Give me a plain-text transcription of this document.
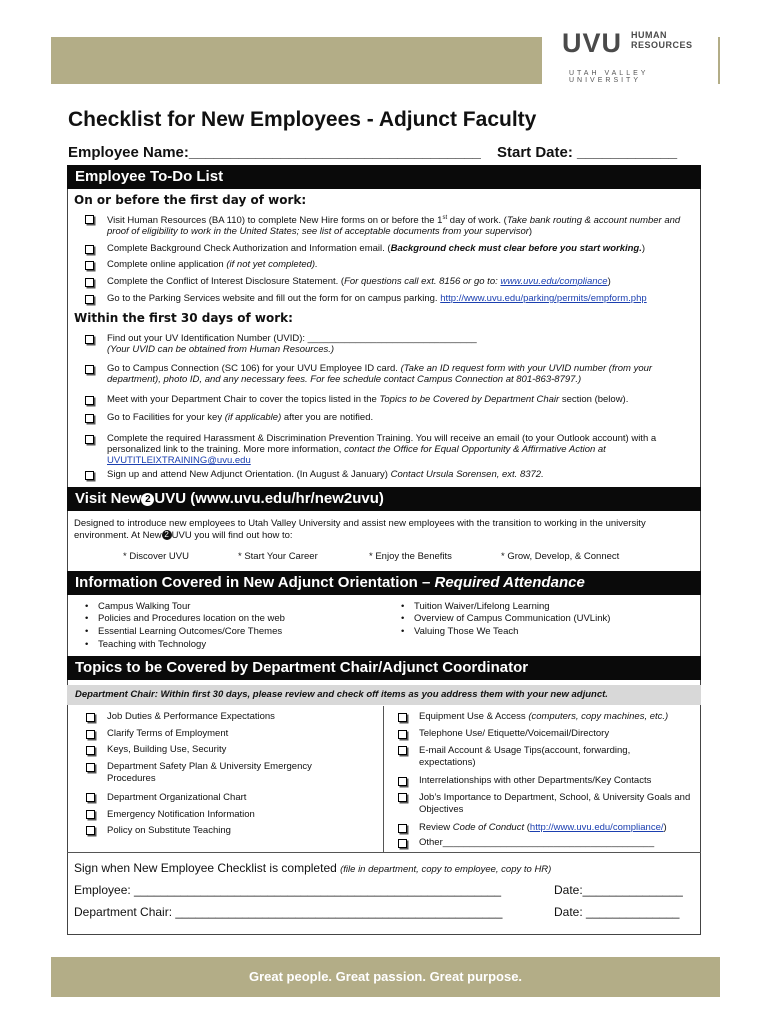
UVU HUMAN
RESOURCES
UTAH VALLEY UNIVERSITY
Checklist for New Employees - Adjunct Faculty
Employee Name:___________________________________ Start Date: ____________
Employee To-Do List
On or before the first day of work:
Visit Human Resources (BA 110) to complete New Hire forms on or before the 1st day of work. (Take bank routing & account number and proof of eligibility to work in the United States; see list of acceptable documents from your supervisor)
Complete Background Check Authorization and Information email. (Background check must clear before you start working.)
Complete online application (if not yet completed).
Complete the Conflict of Interest Disclosure Statement. (For questions call ext. 8156 or go to: www.uvu.edu/compliance)
Go to the Parking Services website and fill out the form for on campus parking. http://www.uvu.edu/parking/permits/empform.php
Within the first 30 days of work:
Find out your UV Identification Number (UVID): ________________________________
(Your UVID can be obtained from Human Resources.)
Go to Campus Connection (SC 106) for your UVU Employee ID card. (Take an ID request form with your UVID number (from your department), photo ID, and any necessary fees. For fee schedule contact Campus Connection at 801-863-8797.)
Meet with your Department Chair to cover the topics listed in the Topics to be Covered by Department Chair section (below).
Go to Facilities for your key (if applicable) after you are notified.
Complete the required Harassment & Discrimination Prevention Training. You will receive an email (to your Outlook account) with a personalized link to the training. More more information, contact the Office for Equal Opportunity & Affirmative Action at
UVUTITLEIXTRAINING@uvu.edu
Sign up and attend New Adjunct Orientation. (In August & January) Contact Ursula Sorensen, ext. 8372.
Visit New 2 UVU (www.uvu.edu/hr/new2uvu)
Designed to introduce new employees to Utah Valley University and assist new employees with the transition to working in the university environment. At New 2 UVU you will find out how to:
* Discover UVU	* Start Your Career	* Enjoy the Benefits	* Grow, Develop, & Connect
Information Covered in New Adjunct Orientation – Required Attendance
• Campus Walking Tour
• Policies and Procedures location on the web
• Essential Learning Outcomes/Core Themes
• Teaching with Technology
• Tuition Waiver/Lifelong Learning
• Overview of Campus Communication (UVLink)
• Valuing Those We Teach
Topics to be Covered by Department Chair/Adjunct Coordinator
Department Chair: Within first 30 days, please review and check off items as you address them with your new adjunct.
Job Duties & Performance Expectations
Clarify Terms of Employment
Keys, Building Use, Security
Department Safety Plan & University Emergency Procedures
Department Organizational Chart
Emergency Notification Information
Policy on Substitute Teaching
Equipment Use & Access (computers, copy machines, etc.)
Telephone Use/ Etiquette/Voicemail/Directory
E-mail Account & Usage Tips(account, forwarding, expectations)
Interrelationships with other Departments/Key Contacts
Job’s Importance to Department, School, & University Goals and Objectives
Review Code of Conduct (http://www.uvu.edu/compliance/)
Other________________________________________
Sign when New Employee Checklist is completed (file in department, copy to employee, copy to HR)
Employee: _______________________________________________________	Date:_______________
Department Chair: _________________________________________________	Date: ______________
Great people. Great passion. Great purpose.
